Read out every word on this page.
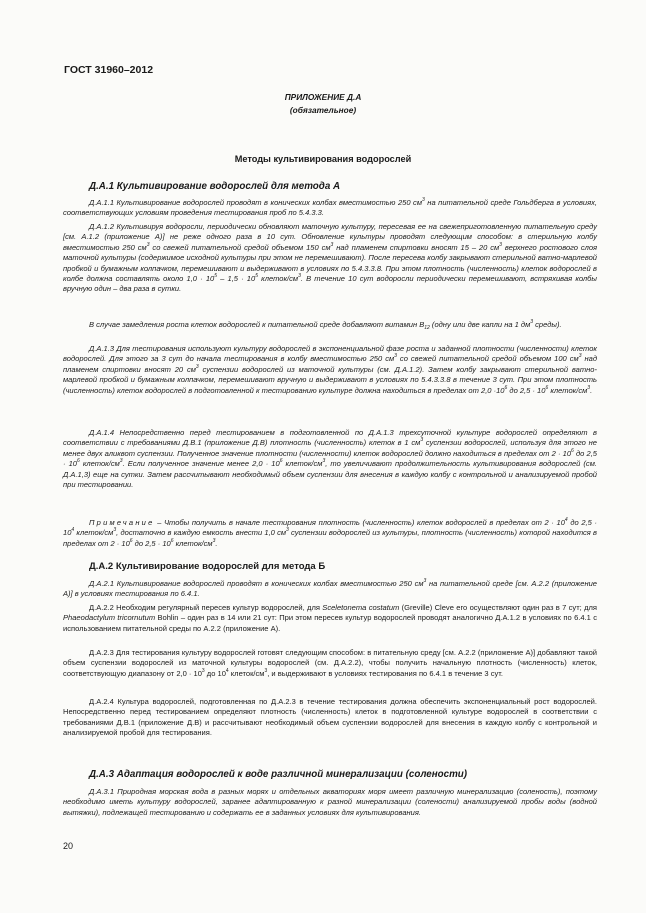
ГОСТ 31960–2012
ПРИЛОЖЕНИЕ Д.А
(обязательное)
Методы культивирования водорослей
Д.А.1 Культивирование водорослей для метода А

Д.А.1.1 Культивирование водорослей проводят в конических колбах вместимостью 250 $см^3$ на питательной среде Гольдберга в условиях, соответствующих условиям проведения тестирования проб по 5.4.3.3.

Д.А.1.2 Культивируя водоросли, периодически обновляют маточную культуру, пересевая ее на свежеприготовленную питательную среду [см. А.1.2 (приложение А)] не реже одного раза в 10 сут. Обновление культуры проводят следующим способом: в стерильную колбу вместимостью 250 $см^3$ со свежей питательной средой объемом 150 $см^3$ над пламенем спиртовки вносят 15 – 20 $см^3$ верхнего ростового слоя маточной культуры (содержимое исходной культуры при этом не перемешивают). После пересева колбу закрывают стерильной ватно-марлевой пробкой и бумажным колпачком, перемешивают и выдерживают в условиях по 5.4.3.3.8. При этом плотность (численность) клеток водорослей в колбе должна составлять около $1,0 \cdot 10^5 - 1,5 \cdot 10^5$ клеток/$см^3$. В течение 10 сут водоросли периодически перемешивают, встряхивая колбы вручную один – два раза в сутки.

В случае замедления роста клеток водорослей к питательной среде добавляют витамин $B_{12}$ (одну или две капли на 1 $дм^3$ среды).

Д.А.1.3 Для тестирования используют культуру водорослей в экспоненциальной фазе роста и заданной плотности (численности) клеток водорослей. Для этого за 3 сут до начала тестирования в колбу вместимостью 250 $см^3$ со свежей питательной средой объемом 100 $см^3$ над пламенем спиртовки вносят 20 $см^3$ суспензии водорослей из маточной культуры (см. Д.А.1.2). Затем колбу закрывают стерильной ватно-марлевой пробкой и бумажным колпачком, перемешивают вручную и выдерживают в условиях по 5.4.3.3.8 в течение 3 сут. При этом плотность (численность) клеток водорослей в подготовленной к тестированию культуре должна находиться в пределах от $2,0 \cdot 10^6$ до $2,5 \cdot 10^6$ клеток/$см^3$.

Д.А.1.4 Непосредственно перед тестированием в подготовленной по Д.А.1.3 трехсуточной культуре водорослей определяют в соответствии с требованиями Д.В.1 (приложение Д.В) плотность (численность) клеток в 1 $см^3$ суспензии водорослей, используя для этого не менее двух аликвот суспензии. Полученное значение плотности (численности) клеток водорослей должно находиться в пределах от $2 \cdot 10^6$ до $2,5 \cdot 10^6$ клеток/$см^3$. Если полученное значение менее $2,0 \cdot 10^6$ клеток/$см^3$, то увеличивают продолжительность культивирования водорослей (см. Д.А.1,3) еще на сутки. Затем рассчитывают необходимый объем суспензии для внесения в каждую колбу с контрольной и анализируемой пробой при тестировании.

Примечание – Чтобы получить в начале тестирования плотность (численность) клеток водорослей в пределах от $2 \cdot 10^4$ до $2,5 \cdot 10^4$ клеток/$см^3$, достаточно в каждую емкость внести 1,0 $см^3$ суспензии водорослей из культуры, плотность (численность) которой находится в пределах от $2 \cdot 10^6$ до $2,5 \cdot 10^6$ клеток/$см^3$.

Д.А.2 Культивирование водорослей для метода Б

Д.А.2.1 Культивирование водорослей проводят в конических колбах вместимостью 250 $см^3$ на питательной среде [см. А.2.2 (приложение А)] в условиях тестирования по 6.4.1.

Д.А.2.2 Необходим регулярный пересев культур водорослей, для Sceletonema costatum (Greville) Cleve его осуществляют один раз в 7 сут; для Phaeodactylum tricornutum Bohlin – один раз в 14 или 21 сут: При этом пересев культур водорослей проводят аналогично Д.А.1.2 в условиях по 6.4.1 с использованием питательной среды по А.2.2 (приложение А).

Д.А.2.3 Для тестирования культуру водорослей готовят следующим способом: в питательную среду [см. А.2.2 (приложение А)] добавляют такой объем суспензии водорослей из маточной культуры водорослей (см. Д.А.2.2), чтобы получить начальную плотность (численность) клеток, соответствующую диапазону от $2,0 \cdot 10^3$ до $10^4$ клеток/$см^3$, и выдерживают в условиях тестирования по 6.4.1 в течение 3 сут.

Д.А.2.4 Культура водорослей, подготовленная по Д.А.2.3 в течение тестирования должна обеспечить экспоненциальный рост водорослей. Непосредственно перед тестированием определяют плотность (численность) клеток в подготовленной культуре водорослей в соответствии с требованиями Д.В.1 (приложение Д.В) и рассчитывают необходимый объем суспензии водорослей для внесения в каждую колбу с контрольной и анализируемой пробой для тестирования.

Д.А.3 Адаптация водорослей к воде различной минерализации (солености)

Д.А.3.1 Природная морская вода в разных морях и отдельных акваториях моря имеет различную минерализацию (соленость), поэтому необходимо иметь культуру водорослей, заранее адаптированную к разной минерализации (солености) анализируемой пробы воды (водной вытяжки), подлежащей тестированию и содержать ее в заданных условиях для культивирования.

20
